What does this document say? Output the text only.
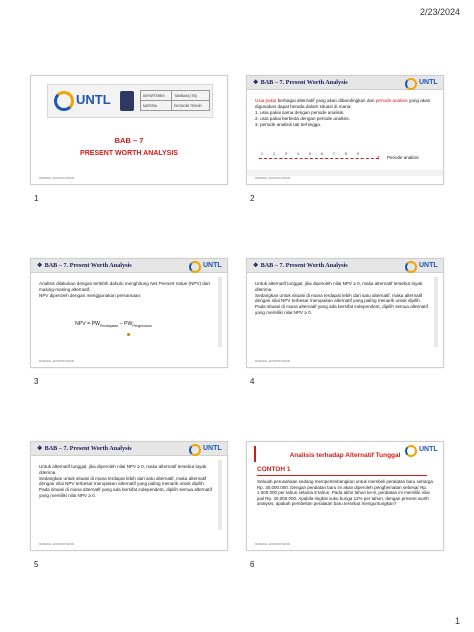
2/23/2024
UNTL	DEPARTEMEN	TAMBAHA (TSI)
MATERIA	EKONOMI TEKNIK
BAB – 7
PRESENT WORTH ANALYSIS
MATERIAL: EKONOMI TEKNIK
1
❖ BAB – 7. Present Worth Analysis	UNTL

Usia pakai berbagai alternatif yang akan dibandingkan dan periode analisis yang akan digunakan dapat berada dalam situasi di mana:

1. usia pakai sama dengan periode analisis.

2. usia pakai berbeda dengan periode analisis.

3. periode analisis tak terhingga.

1	2	3	4	5	6	7	8	9
× Periode analisis
MATERIAL: EKONOMI TEKNIK
2
❖ BAB – 7. Present Worth Analysis	UNTL

Analisis dilakukan dengan terlebih dahulu menghitung Net Present Value (NPV) dari masing-masing alternatif.

NPV diperoleh dengan menggunakan persamaan:

NPV = $PW_{Pendapatan} - PW_{Pengeluaran}$
MATERIAL: EKONOMI TEKNIK
3
❖ BAB – 7. Present Worth Analysis	UNTL

Untuk alternatif tunggal, jika diperoleh nilai NPV ≥ 0, maka alternatif tersebut layak diterima.

Sedangkan untuk situasi di mana terdapat lebih dari satu alternatif, maka alternatif dengan nilai NPV terbesar merupakan alternatif yang paling menarik untuk dipilih.

Pada situasi di mana alternatif yang ada bersifat independent, dipilih semua alternatif yang memiliki nilai NPV ≥ 0.

MATERIAL: EKONOMI TEKNIK
4
❖ BAB – 7. Present Worth Analysis	UNTL

Untuk alternatif tunggal, jika diperoleh nilai NPV ≥ 0, maka alternatif tersebut layak diterima.

Sedangkan untuk situasi di mana terdapat lebih dari satu alternatif, maka alternatif dengan nilai NPV terbesar merupakan alternatif yang paling menarik untuk dipilih.

Pada situasi di mana alternatif yang ada bersifat independent, dipilih semua alternatif yang memiliki nilai NPV ≥ 0.

MATERIAL: EKONOMI TEKNIK
5
UNTL
Analisis terhadap Alternatif Tunggal
CONTOH 1
Sebuah perusahaan sedang mempertimbangkan untuk membeli peralatan baru seharga Rp. 30.000.000. Dengan peralatan baru ini akan diperoleh penghematan sebesar Rp. 1.000.000 per tahun selama 8 tahun. Pada akhir tahun ke-8, peralatan ini memiliki nilai jual Rp. 40.000.000. Apabila tingkat suku bunga 12% per tahun, dengan present worth analysis, apakah pembelian peralatan baru tersebut menguntungkan?
MATERIAL: EKONOMI TEKNIK
6
1
